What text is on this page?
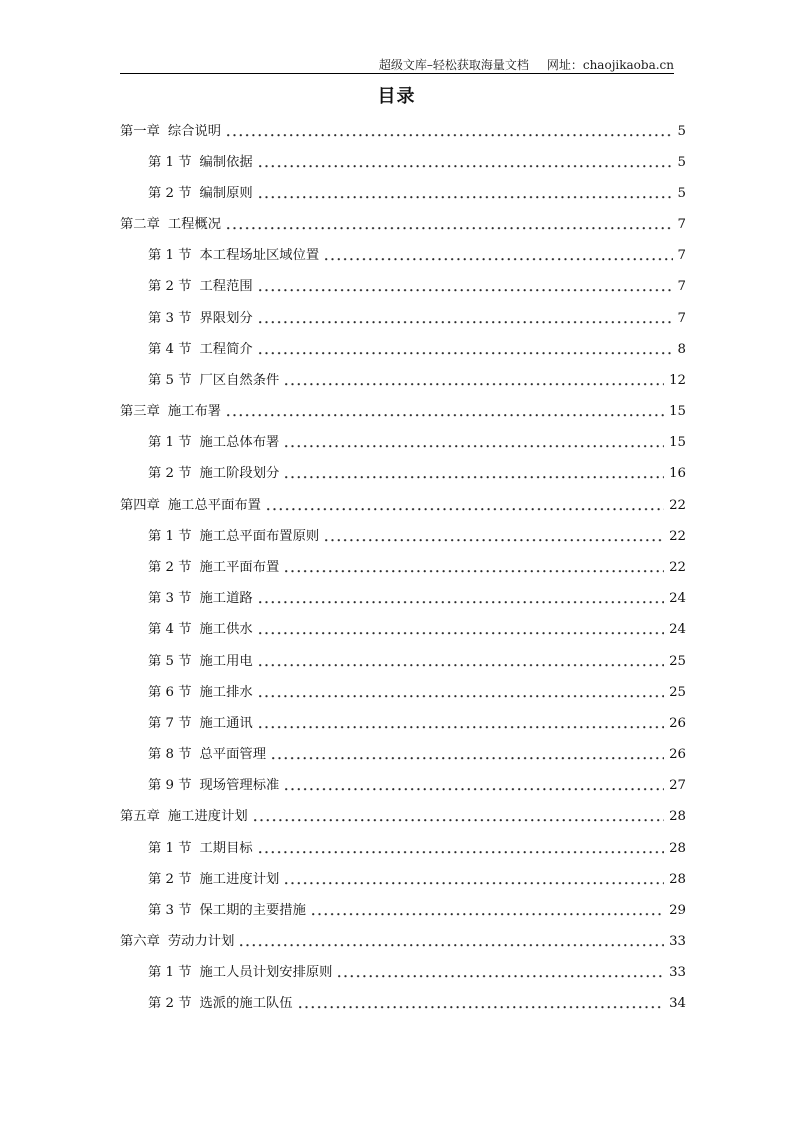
超级文库–轻松获取海量文档 网址：chaojikaoba.cn
目录
第一章 综合说明	5
第 1 节 编制依据	5
第 2 节 编制原则	5
第二章 工程概况	7
第 1 节 本工程场址区域位置	7
第 2 节 工程范围	7
第 3 节 界限划分	7
第 4 节 工程简介	8
第 5 节 厂区自然条件	12
第三章 施工布署	15
第 1 节 施工总体布署	15
第 2 节 施工阶段划分	16
第四章 施工总平面布置	22
第 1 节 施工总平面布置原则	22
第 2 节 施工平面布置	22
第 3 节 施工道路	24
第 4 节 施工供水	24
第 5 节 施工用电	25
第 6 节 施工排水	25
第 7 节 施工通讯	26
第 8 节 总平面管理	26
第 9 节 现场管理标准	27
第五章 施工进度计划	28
第 1 节 工期目标	28
第 2 节 施工进度计划	28
第 3 节 保工期的主要措施	29
第六章 劳动力计划	33
第 1 节 施工人员计划安排原则	33
第 2 节 选派的施工队伍	34
